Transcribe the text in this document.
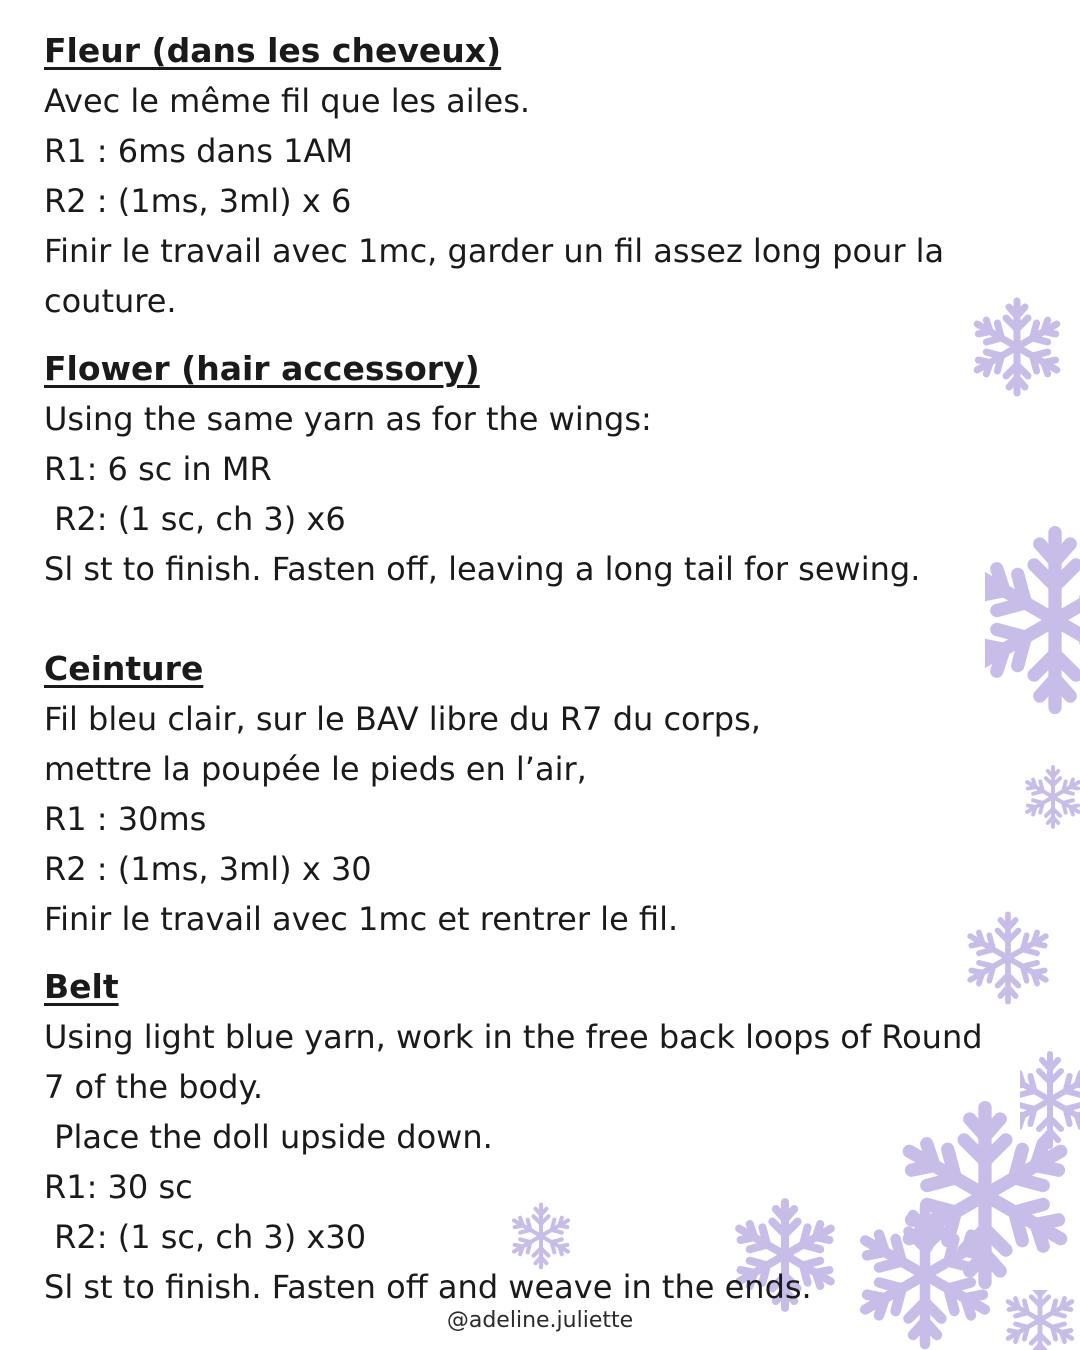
Fleur (dans les cheveux)
Avec le même fil que les ailes.
R1 : 6ms dans 1AM
R2 : (1ms, 3ml) x 6
Finir le travail avec 1mc, garder un fil assez long pour la
couture.
Flower (hair accessory)
Using the same yarn as for the wings:
R1: 6 sc in MR
R2: (1 sc, ch 3) x6
Sl st to finish. Fasten off, leaving a long tail for sewing.
Ceinture
Fil bleu clair, sur le BAV libre du R7 du corps,
mettre la poupée le pieds en l’air,
R1 : 30ms
R2 : (1ms, 3ml) x 30
Finir le travail avec 1mc et rentrer le fil.
Belt
Using light blue yarn, work in the free back loops of Round
7 of the body.
Place the doll upside down.
R1: 30 sc
R2: (1 sc, ch 3) x30
Sl st to finish. Fasten off and weave in the ends.
@adeline.juliette
